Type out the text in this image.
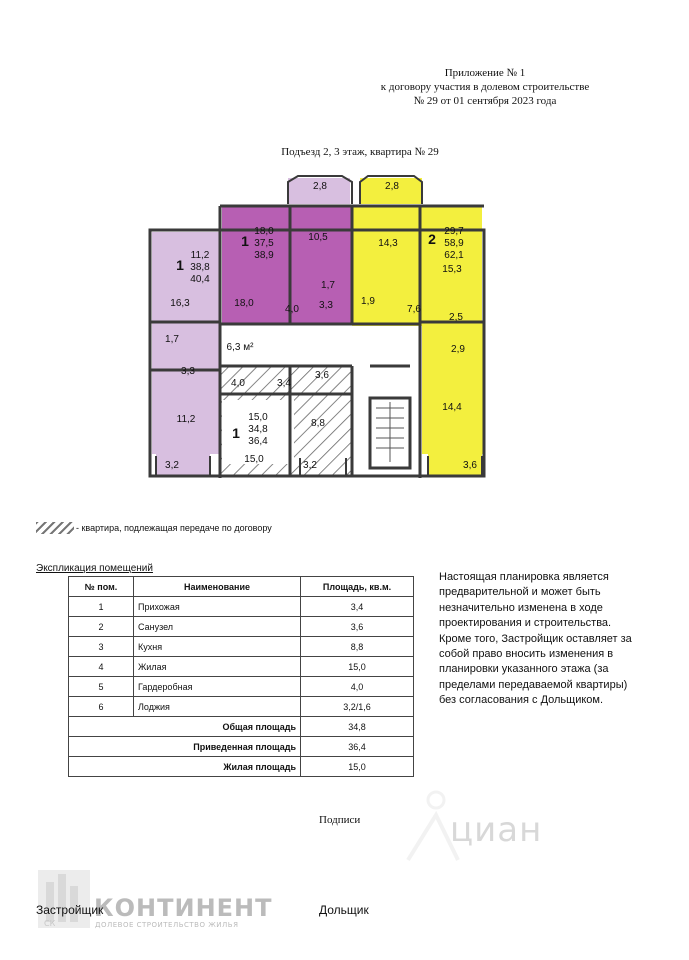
Приложение № 1
к договору участия в долевом строительстве
№ 29 от 01 сентября 2023 года
Подъезд 2, 3 этаж, квартира № 29
2,8	2,8
1
18,0
37,5
38,9
10,5
14,3 2 29,7
58,9
62,1
1
11,2
38,8
40,4
16,3	18,0
1,7
4,0 3,3	1,9
7,6
15,3
2,5
2,9
1,7
6,3 м²
3,3
4,0	3,4
3,6
11,2
1
15,0
34,8
36,4
8,8
15,0
14,4
3,2	3,2	3,6
- квартира, подлежащая передаче по договору
Экспликация помещений
№ пом.	Наименование	Площадь, кв.м.
1	Прихожая	3,4
2	Санузел	3,6
3	Кухня	8,8
4	Жилая	15,0
5	Гардеробная	4,0
6	Лоджия	3,2/1,6
Общая площадь		34,8
Приведенная площадь		36,4
Жилая площадь		15,0
Настоящая планировка является предварительной и может быть незначительно изменена в ходе проектирования и строительства. Кроме того, Застройщик оставляет за собой право вносить изменения в планировки указанного этажа (за пределами передаваемой квартиры) без согласования с Дольщиком.
циан
Подписи
СК
КОНТИНЕНТ
ДОЛЕВОЕ СТРОИТЕЛЬСТВО ЖИЛЬЯ
Застройщик	Дольщик
